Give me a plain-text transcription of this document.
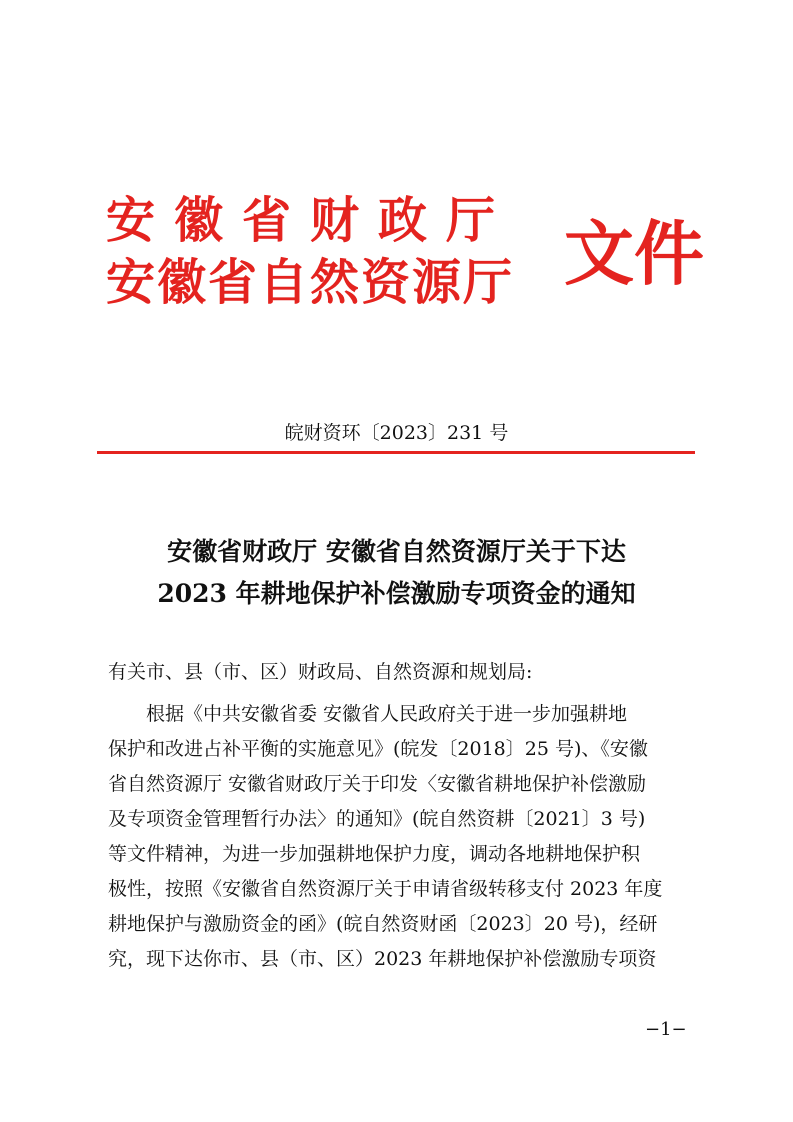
安徽省财政厅
安徽省自然资源厅 文件
皖财资环〔2023〕231 号
安徽省财政厅 安徽省自然资源厅关于下达
2023 年耕地保护补偿激励专项资金的通知
有关市、县（市、区）财政局、自然资源和规划局:
　　根据《中共安徽省委 安徽省人民政府关于进一步加强耕地
保护和改进占补平衡的实施意见》(皖发〔2018〕25 号)、《安徽
省自然资源厅 安徽省财政厅关于印发〈安徽省耕地保护补偿激励
及专项资金管理暂行办法〉的通知》(皖自然资耕〔2021〕3 号)
等文件精神，为进一步加强耕地保护力度，调动各地耕地保护积
极性，按照《安徽省自然资源厅关于申请省级转移支付 2023 年度
耕地保护与激励资金的函》(皖自然资财函〔2023〕20 号)，经研
究，现下达你市、县（市、区）2023 年耕地保护补偿激励专项资
−1−
